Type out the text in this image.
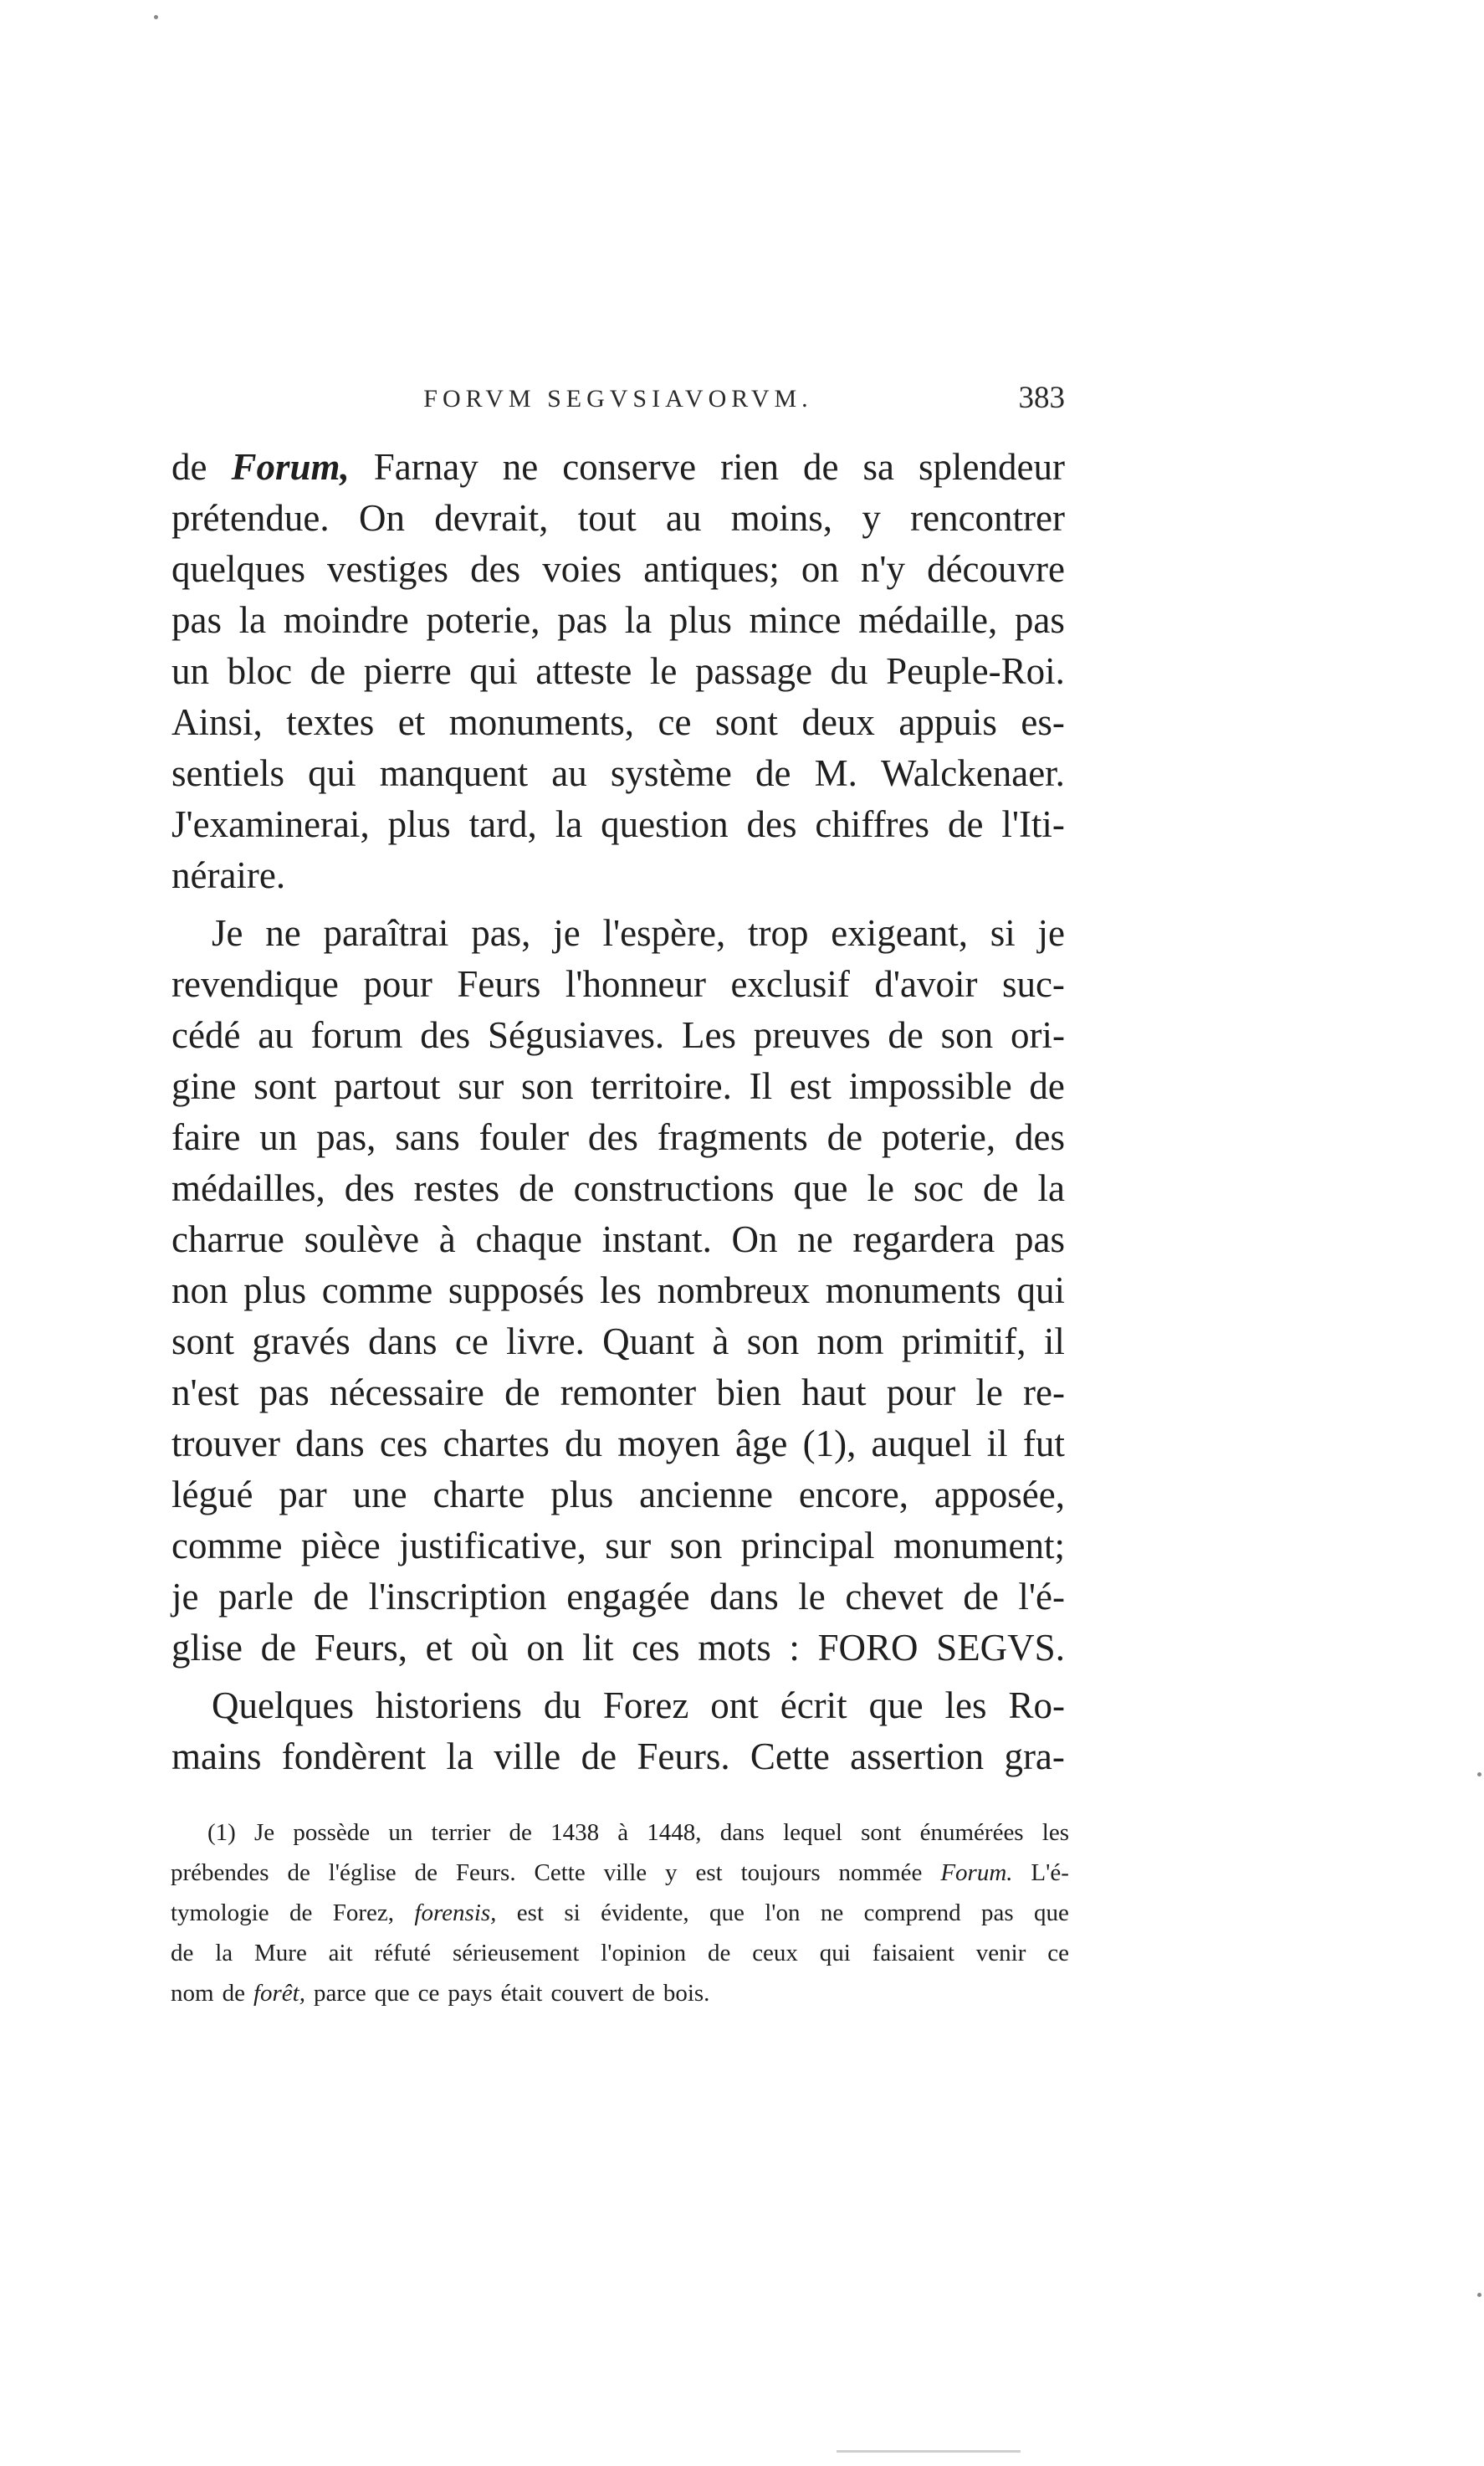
FORVM SEGVSIAVORVM.	383
de Forum, Farnay ne conserve rien de sa splendeur
prétendue. On devrait, tout au moins, y rencontrer
quelques vestiges des voies antiques; on n'y découvre
pas la moindre poterie, pas la plus mince médaille, pas
un bloc de pierre qui atteste le passage du Peuple-Roi.
Ainsi, textes et monuments, ce sont deux appuis es-
sentiels qui manquent au système de M. Walckenaer.
J'examinerai, plus tard, la question des chiffres de l'Iti-
néraire.
Je ne paraîtrai pas, je l'espère, trop exigeant, si je
revendique pour Feurs l'honneur exclusif d'avoir suc-
cédé au forum des Ségusiaves. Les preuves de son ori-
gine sont partout sur son territoire. Il est impossible de
faire un pas, sans fouler des fragments de poterie, des
médailles, des restes de constructions que le soc de la
charrue soulève à chaque instant. On ne regardera pas
non plus comme supposés les nombreux monuments qui
sont gravés dans ce livre. Quant à son nom primitif, il
n'est pas nécessaire de remonter bien haut pour le re-
trouver dans ces chartes du moyen âge (1), auquel il fut
légué par une charte plus ancienne encore, apposée,
comme pièce justificative, sur son principal monument;
je parle de l'inscription engagée dans le chevet de l'é-
glise de Feurs, et où on lit ces mots : FORO SEGVS.
Quelques historiens du Forez ont écrit que les Ro-
mains fondèrent la ville de Feurs. Cette assertion gra-
(1) Je possède un terrier de 1438 à 1448, dans lequel sont énumérées les
prébendes de l'église de Feurs. Cette ville y est toujours nommée Forum. L'é-
tymologie de Forez, forensis, est si évidente, que l'on ne comprend pas que
de la Mure ait réfuté sérieusement l'opinion de ceux qui faisaient venir ce
nom de forêt, parce que ce pays était couvert de bois.
